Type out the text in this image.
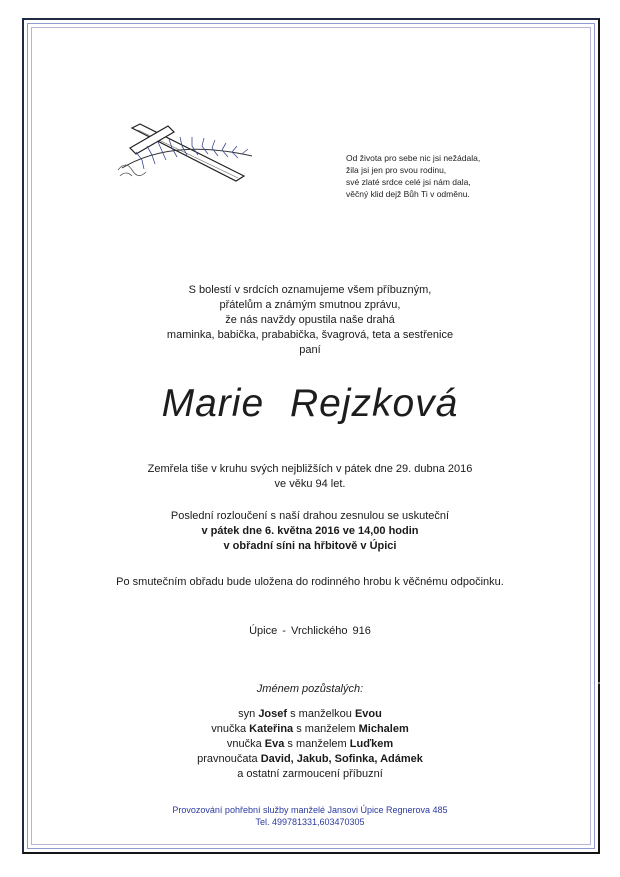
Od života pro sebe nic jsi nežádala,
žila jsi jen pro svou rodinu,
své zlaté srdce celé jsi nám dala,
věčný klid dejž Bůh Ti v odměnu.
S bolestí v srdcích oznamujeme všem příbuzným,
přátelům a známým smutnou zprávu,
že nás navždy opustila naše drahá
maminka, babička, prababička, švagrová, teta a sestřenice
paní
Marie Rejzková
Zemřela tiše v kruhu svých nejbližších v pátek dne 29. dubna 2016
ve věku 94 let.
Poslední rozloučení s naší drahou zesnulou se uskuteční
v pátek dne 6. května 2016 ve 14,00 hodin
v obřadní síni na hřbitově v Úpici
Po smutečním obřadu bude uložena do rodinného hrobu k věčnému odpočinku.
Úpice - Vrchlického 916
Jménem pozůstalých:
syn Josef s manželkou Evou
vnučka Kateřina s manželem Michalem
vnučka Eva s manželem Luďkem
pravnoučata David, Jakub, Sofinka, Adámek
a ostatní zarmoucení příbuzní
Provozování pohřební služby manželé Jansovi Úpice Regnerova 485
Tel. 499781331,603470305
